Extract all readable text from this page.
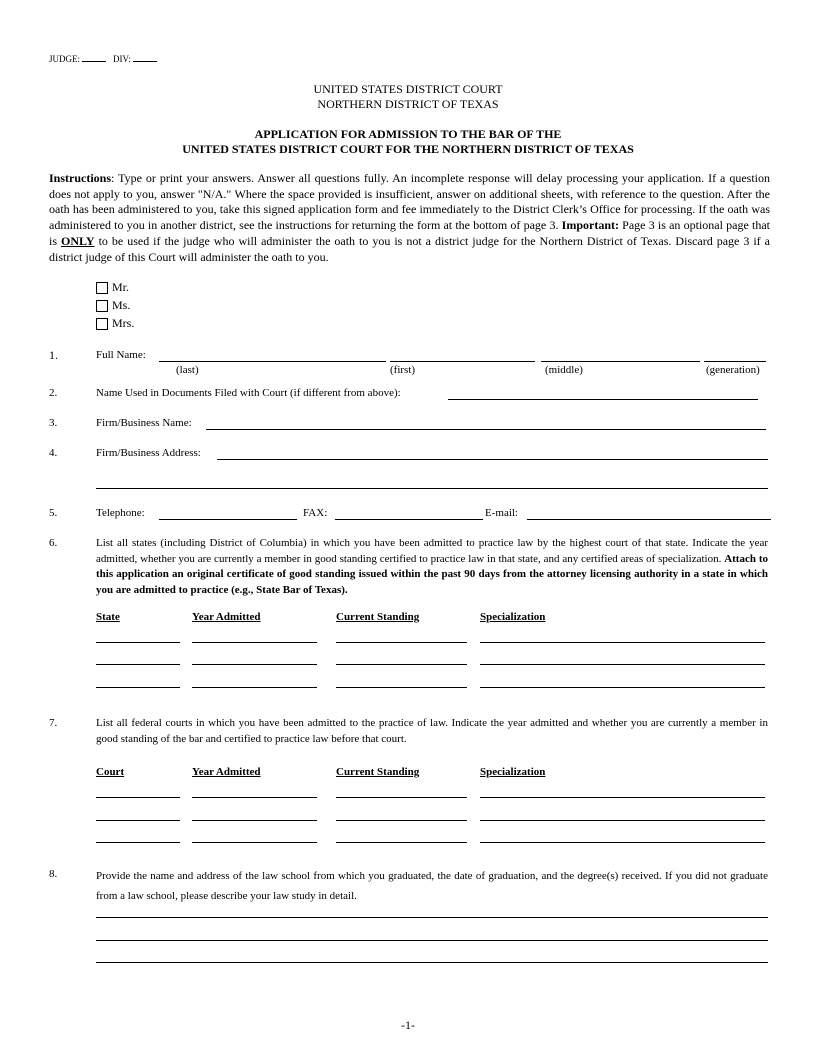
JUDGE:	DIV:
UNITED STATES DISTRICT COURT
NORTHERN DISTRICT OF TEXAS
APPLICATION FOR ADMISSION TO THE BAR OF THE
UNITED STATES DISTRICT COURT FOR THE NORTHERN DISTRICT OF TEXAS
Instructions: Type or print your answers. Answer all questions fully. An incomplete response will delay processing your application. If a question does not apply to you, answer "N/A." Where the space provided is insufficient, answer on additional sheets, with reference to the question. After the oath has been administered to you, take this signed application form and fee immediately to the District Clerk’s Office for processing. If the oath was administered to you in another district, see the instructions for returning the form at the bottom of page 3. Important: Page 3 is an optional page that is ONLY to be used if the judge who will administer the oath to you is not a district judge for the Northern District of Texas. Discard page 3 if a district judge of this Court will administer the oath to you.
Mr.
Ms.
Mrs.
1.	Full Name:
(last)	(first)	(middle)	(generation)
2.	Name Used in Documents Filed with Court (if different from above):
3.	Firm/Business Name:
4.	Firm/Business Address:
5.	Telephone:	FAX:	E-mail:
6.	List all states (including District of Columbia) in which you have been admitted to practice law by the highest court of that state. Indicate the year admitted, whether you are currently a member in good standing certified to practice law in that state, and any certified areas of specialization. Attach to this application an original certificate of good standing issued within the past 90 days from the attorney licensing authority in a state in which you are admitted to practice (e.g., State Bar of Texas).
State	Year Admitted	Current Standing	Specialization
7.	List all federal courts in which you have been admitted to the practice of law. Indicate the year admitted and whether you are currently a member in good standing of the bar and certified to practice law before that court.
Court	Year Admitted	Current Standing	Specialization
8.	Provide the name and address of the law school from which you graduated, the date of graduation, and the degree(s) received. If you did not graduate from a law school, please describe your law study in detail.
-1-
